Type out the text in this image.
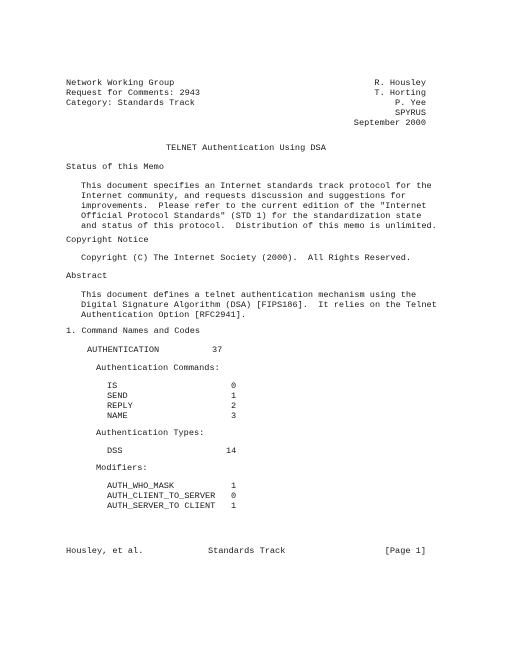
Network Working Group
Request for Comments: 2943
Category: Standards Track
R. Housley
T. Horting
P. Yee
SPYRUS
September 2000
TELNET Authentication Using DSA
Status of this Memo
This document specifies an Internet standards track protocol for the
Internet community, and requests discussion and suggestions for
improvements.  Please refer to the current edition of the "Internet
Official Protocol Standards" (STD 1) for the standardization state
and status of this protocol.  Distribution of this memo is unlimited.
Copyright Notice
Copyright (C) The Internet Society (2000).  All Rights Reserved.
Abstract
This document defines a telnet authentication mechanism using the
Digital Signature Algorithm (DSA) [FIPS186].  It relies on the Telnet
Authentication Option [RFC2941].
1. Command Names and Codes
AUTHENTICATION	37
Authentication Commands:
IS	0
SEND	1
REPLY	2
NAME	3
Authentication Types:
DSS	14
Modifiers:
AUTH_WHO_MASK	1
AUTH_CLIENT_TO_SERVER 0
AUTH_SERVER_TO CLIENT 1
Housley, et al.	Standards Track	[Page 1]
